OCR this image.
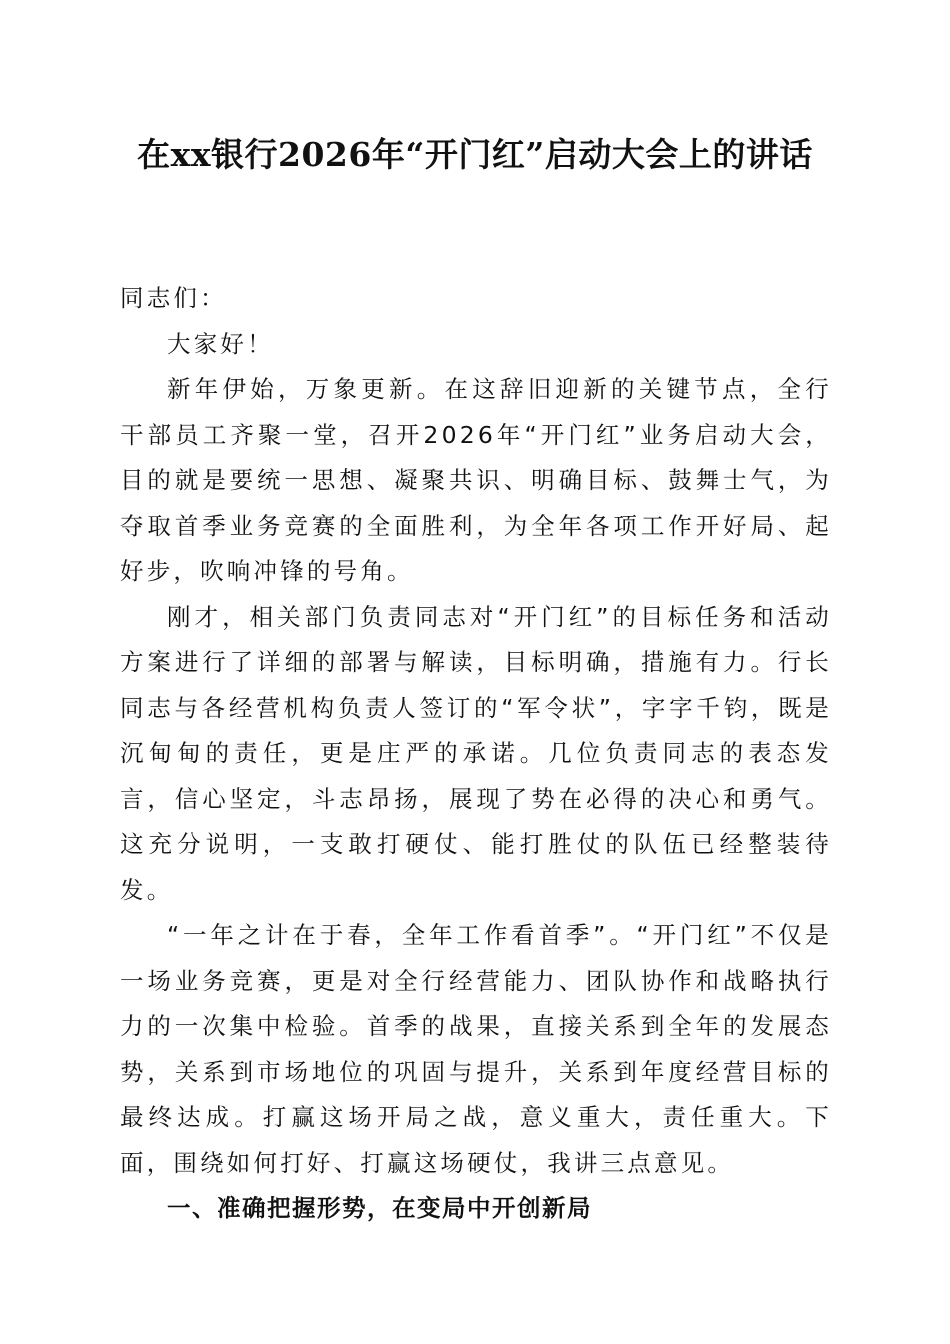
在xx银行2026年“开门红”启动大会上的讲话

同志们：

大家好！

新年伊始，万象更新。在这辞旧迎新的关键节点，全行干部员工齐聚一堂，召开2026年“开门红”业务启动大会，目的就是要统一思想、凝聚共识、明确目标、鼓舞士气，为夺取首季业务竞赛的全面胜利，为全年各项工作开好局、起好步，吹响冲锋的号角。

刚才，相关部门负责同志对“开门红”的目标任务和活动方案进行了详细的部署与解读，目标明确，措施有力。行长同志与各经营机构负责人签订的“军令状”，字字千钧，既是沉甸甸的责任，更是庄严的承诺。几位负责同志的表态发言，信心坚定，斗志昂扬，展现了势在必得的决心和勇气。这充分说明，一支敢打硬仗、能打胜仗的队伍已经整装待发。

“一年之计在于春，全年工作看首季”。“开门红”不仅是一场业务竞赛，更是对全行经营能力、团队协作和战略执行力的一次集中检验。首季的战果，直接关系到全年的发展态势，关系到市场地位的巩固与提升，关系到年度经营目标的最终达成。打赢这场开局之战，意义重大，责任重大。下面，围绕如何打好、打赢这场硬仗，我讲三点意见。

一、准确把握形势，在变局中开创新局
